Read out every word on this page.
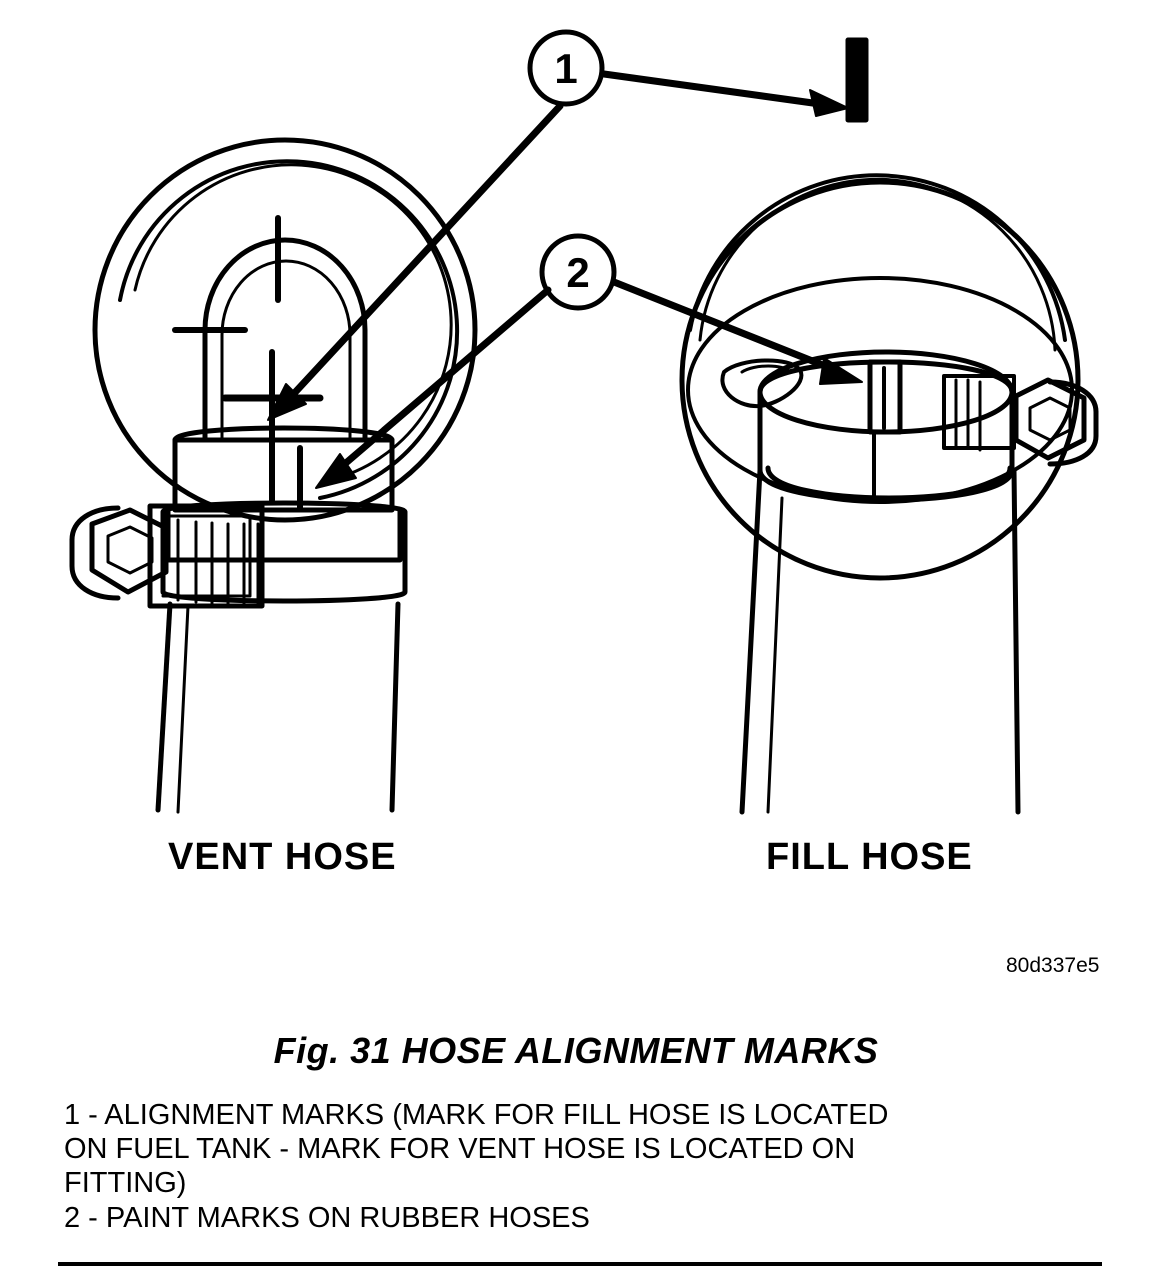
1
2
VENT HOSE	FILL HOSE
80d337e5
Fig. 31 HOSE ALIGNMENT MARKS
1 - ALIGNMENT MARKS (MARK FOR FILL HOSE IS LOCATED
ON FUEL TANK - MARK FOR VENT HOSE IS LOCATED ON
FITTING)
2 - PAINT MARKS ON RUBBER HOSES
